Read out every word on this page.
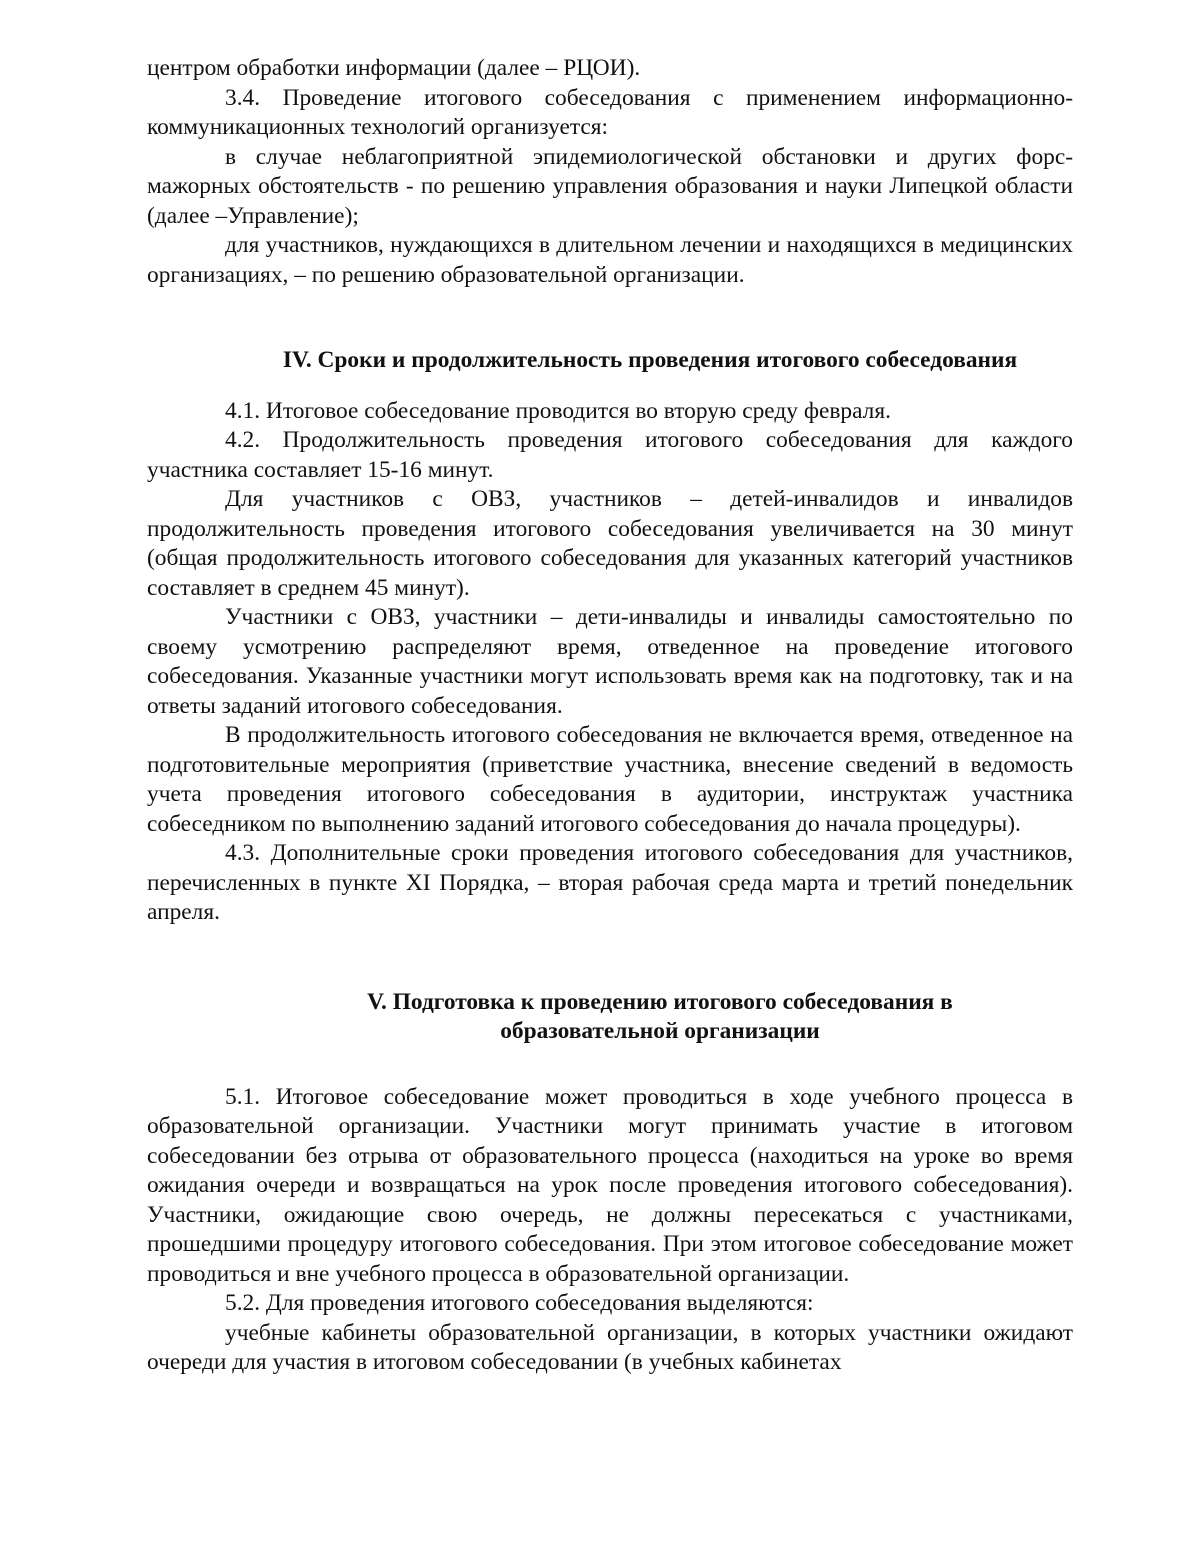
центром обработки информации (далее – РЦОИ).

3.4. Проведение итогового собеседования с применением информационно-коммуникационных технологий организуется:

в случае неблагоприятной эпидемиологической обстановки и других форс-мажорных обстоятельств - по решению управления образования и науки Липецкой области (далее –Управление);

для участников, нуждающихся в длительном лечении и находящихся в медицинских организациях, – по решению образовательной организации.

IV. Сроки и продолжительность проведения итогового собеседования

4.1. Итоговое собеседование проводится во вторую среду февраля.

4.2. Продолжительность проведения итогового собеседования для каждого участника составляет 15-16 минут.

Для участников с ОВЗ, участников – детей-инвалидов и инвалидов продолжительность проведения итогового собеседования увеличивается на 30 минут (общая продолжительность итогового собеседования для указанных категорий участников составляет в среднем 45 минут).

Участники с ОВЗ, участники – дети-инвалиды и инвалиды самостоятельно по своему усмотрению распределяют время, отведенное на проведение итогового собеседования. Указанные участники могут использовать время как на подготовку, так и на ответы заданий итогового собеседования.

В продолжительность итогового собеседования не включается время, отведенное на подготовительные мероприятия (приветствие участника, внесение сведений в ведомость учета проведения итогового собеседования в аудитории, инструктаж участника собеседником по выполнению заданий итогового собеседования до начала процедуры).

4.3. Дополнительные сроки проведения итогового собеседования для участников, перечисленных в пункте XI Порядка, – вторая рабочая среда марта и третий понедельник апреля.

V. Подготовка к проведению итогового собеседования в образовательной организации

5.1. Итоговое собеседование может проводиться в ходе учебного процесса в образовательной организации. Участники могут принимать участие в итоговом собеседовании без отрыва от образовательного процесса (находиться на уроке во время ожидания очереди и возвращаться на урок после проведения итогового собеседования). Участники, ожидающие свою очередь, не должны пересекаться с участниками, прошедшими процедуру итогового собеседования. При этом итоговое собеседование может проводиться и вне учебного процесса в образовательной организации.

5.2. Для проведения итогового собеседования выделяются:

учебные кабинеты образовательной организации, в которых участники ожидают очереди для участия в итоговом собеседовании (в учебных кабинетах
